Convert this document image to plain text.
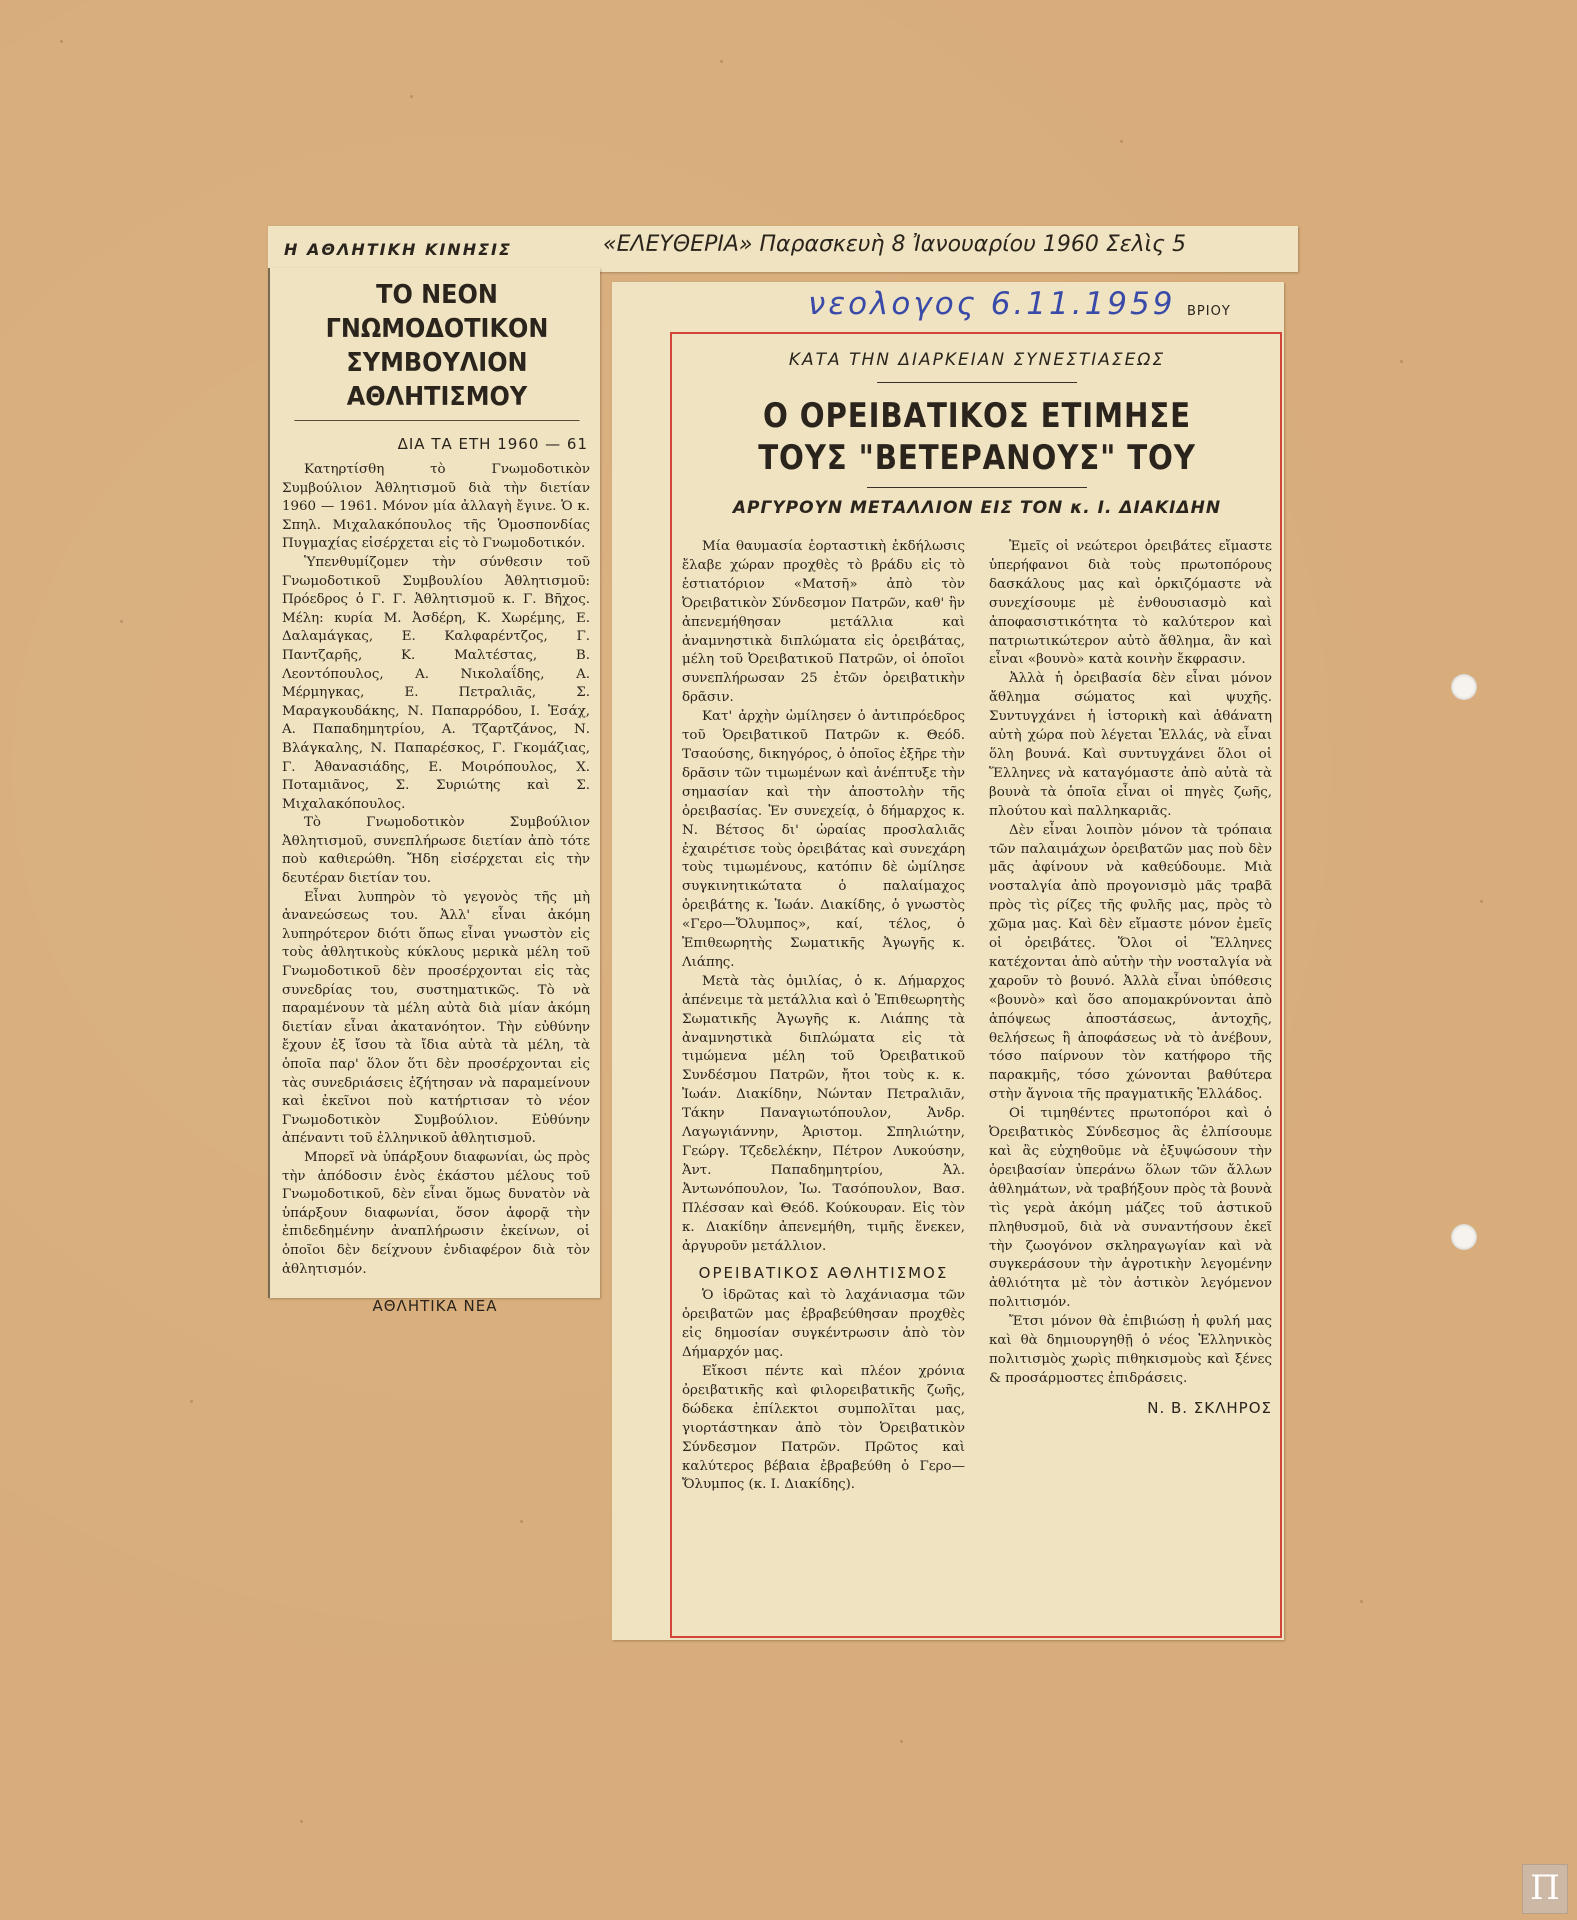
Η ΑΘΛΗΤΙΚΗ ΚΙΝΗΣΙΣ	«ΕΛΕΥΘΕΡΙΑ» Παρασκευὴ 8 Ἰανουαρίου 1960 Σελὶς 5
ΤΟ ΝΕΟΝ ΓΝΩΜΟΔΟΤΙΚΟΝ ΣΥΜΒΟΥΛΙΟΝ ΑΘΛΗΤΙΣΜΟΥ
ΔΙΑ ΤΑ ΕΤΗ 1960 — 61

Κατηρτίσθη τὸ Γνωμοδοτικὸν Συμβούλιον Ἀθλητισμοῦ διὰ τὴν διετίαν 1960 — 1961. Μόνον μία ἀλλαγὴ ἔγινε. Ὁ κ. Σπηλ. Μιχαλακόπουλος τῆς Ὁμοσπονδίας Πυγμαχίας εἰσέρχεται εἰς τὸ Γνωμοδοτικόν.

Ὑπενθυμίζομεν τὴν σύνθεσιν τοῦ Γνωμοδοτικοῦ Συμβουλίου Ἀθλητισμοῦ: Πρόεδρος ὁ Γ. Γ. Ἀθλητισμοῦ κ. Γ. Βῆχος. Μέλη: κυρία Μ. Ἀσδέρη, Κ. Χωρέμης, Ε. Δαλαμάγκας, Ε. Καλφαρέντζος, Γ. Παντζαρῆς, Κ. Μαλτέστας, Β. Λεοντόπουλος, Α. Νικολαΐδης, Α. Μέρμηγκας, Ε. Πετραλιᾶς, Σ. Μαραγκουδάκης, Ν. Παπαρρόδου, Ι. Ἐσάχ, Α. Παπαδημητρίου, Α. Τζαρτζάνος, Ν. Βλάγκαλης, Ν. Παπαρέσκος, Γ. Γκομάζιας, Γ. Ἀθανασιάδης, Ε. Μοιρόπουλος, Χ. Ποταμιᾶνος, Σ. Συριώτης καὶ Σ. Μιχαλακόπουλος.

Τὸ Γνωμοδοτικὸν Συμβούλιον Ἀθλητισμοῦ, συνεπλήρωσε διετίαν ἀπὸ τότε ποὺ καθιερώθη. Ἤδη εἰσέρχεται εἰς τὴν δευτέραν διετίαν του.

Εἶναι λυπηρὸν τὸ γεγονὸς τῆς μὴ ἀνανεώσεως του. Ἀλλ' εἶναι ἀκόμη λυπηρότερον διότι ὅπως εἶναι γνωστὸν εἰς τοὺς ἀθλητικοὺς κύκλους μερικὰ μέλη τοῦ Γνωμοδοτικοῦ δὲν προσέρχονται εἰς τὰς συνεδρίας του, συστηματικῶς. Τὸ νὰ παραμένουν τὰ μέλη αὐτὰ διὰ μίαν ἀκόμη διετίαν εἶναι ἀκατανόητον. Τὴν εὐθύνην ἔχουν ἐξ ἴσου τὰ ἴδια αὐτὰ τὰ μέλη, τὰ ὁποῖα παρ' ὅλον ὅτι δὲν προσέρχονται εἰς τὰς συνεδριάσεις ἐζήτησαν νὰ παραμείνουν καὶ ἐκεῖνοι ποὺ κατήρτισαν τὸ νέον Γνωμοδοτικὸν Συμβούλιον. Εὐθύνην ἀπέναντι τοῦ ἑλληνικοῦ ἀθλητισμοῦ.

Μπορεῖ νὰ ὑπάρξουν διαφωνίαι, ὡς πρὸς τὴν ἀπόδοσιν ἑνὸς ἑκάστου μέλους τοῦ Γνωμοδοτικοῦ, δὲν εἶναι ὅμως δυνατὸν νὰ ὑπάρξουν διαφωνίαι, ὅσον ἀφορᾷ τὴν ἐπιδεδημένην ἀναπλήρωσιν ἐκείνων, οἱ ὁποῖοι δὲν δείχνουν ἐνδιαφέρον διὰ τὸν ἀθλητισμόν.

ΑΘΛΗΤΙΚΑ ΝΕΑ
νεολογος 6.11.1959 ΒΡΙΟΥ
ΚΑΤΑ ΤΗΝ ΔΙΑΡΚΕΙΑΝ ΣΥΝΕΣΤΙΑΣΕΩΣ
Ο ΟΡΕΙΒΑΤΙΚΟΣ ΕΤΙΜΗΣΕ
ΤΟΥΣ "ΒΕΤΕΡΑΝΟΥΣ" ΤΟΥ
ΑΡΓΥΡΟΥΝ ΜΕΤΑΛΛΙΟΝ ΕΙΣ ΤΟΝ κ. Ι. ΔΙΑΚΙΔΗΝ

Μία θαυμασία ἑορταστικὴ ἐκδήλωσις ἔλαβε χώραν προχθὲς τὸ βράδυ εἰς τὸ ἑστιατόριον «Ματσῆ» ἀπὸ τὸν Ὀρειβατικὸν Σύνδεσμον Πατρῶν, καθ' ἣν ἀπενεμήθησαν μετάλλια καὶ ἀναμνηστικὰ διπλώματα εἰς ὀρειβάτας, μέλη τοῦ Ὀρειβατικοῦ Πατρῶν, οἱ ὁποῖοι συνεπλήρωσαν 25 ἐτῶν ὀρειβατικὴν δρᾶσιν.

Κατ' ἀρχὴν ὡμίλησεν ὁ ἀντιπρόεδρος τοῦ Ὀρειβατικοῦ Πατρῶν κ. Θεόδ. Τσαούσης, δικηγόρος, ὁ ὁποῖος ἐξῆρε τὴν δρᾶσιν τῶν τιμωμένων καὶ ἀνέπτυξε τὴν σημασίαν καὶ τὴν ἀποστολὴν τῆς ὀρειβασίας. Ἐν συνεχείᾳ, ὁ δήμαρχος κ. Ν. Βέτσος δι' ὡραίας προσλαλιᾶς ἐχαιρέτισε τοὺς ὀρειβάτας καὶ συνεχάρη τοὺς τιμωμένους, κατόπιν δὲ ὡμίλησε συγκινητικώτατα ὁ παλαίμαχος ὀρειβάτης κ. Ἰωάν. Διακίδης, ὁ γνωστὸς «Γερο—Ὄλυμπος», καί, τέλος, ὁ Ἐπιθεωρητὴς Σωματικῆς Ἀγωγῆς κ. Λιάπης.

Μετὰ τὰς ὁμιλίας, ὁ κ. Δήμαρχος ἀπένειμε τὰ μετάλλια καὶ ὁ Ἐπιθεωρητὴς Σωματικῆς Ἀγωγῆς κ. Λιάπης τὰ ἀναμνηστικὰ διπλώματα εἰς τὰ τιμώμενα μέλη τοῦ Ὀρειβατικοῦ Συνδέσμου Πατρῶν, ἤτοι τοὺς κ. κ. Ἰωάν. Διακίδην, Νώνταν Πετραλιᾶν, Τάκην Παναγιωτόπουλον, Ἀνδρ. Λαγωγιάννην, Ἀριστομ. Σπηλιώτην, Γεώργ. Τζεδελέκην, Πέτρον Λυκούσην, Ἀντ. Παπαδημητρίου, Ἀλ. Ἀντωνόπουλον, Ἰω. Τασόπουλον, Βασ. Πλέσσαν καὶ Θεόδ. Κούκουραν. Εἰς τὸν κ. Διακίδην ἀπενεμήθη, τιμῆς ἕνεκεν, ἀργυροῦν μετάλλιον.

ΟΡΕΙΒΑΤΙΚΟΣ ΑΘΛΗΤΙΣΜΟΣ

Ὁ ἱδρῶτας καὶ τὸ λαχάνιασμα τῶν ὀρειβατῶν μας ἐβραβεύθησαν προχθὲς εἰς δημοσίαν συγκέντρωσιν ἀπὸ τὸν Δήμαρχόν μας.

Εἴκοσι πέντε καὶ πλέον χρόνια ὀρειβατικῆς καὶ φιλορειβατικῆς ζωῆς, δώδεκα ἐπίλεκτοι συμπολῖται μας, γιορτάστηκαν ἀπὸ τὸν Ὀρειβατικὸν Σύνδεσμον Πατρῶν. Πρῶτος καὶ καλύτερος βέβαια ἐβραβεύθη ὁ Γερο—Ὄλυμπος (κ. Ι. Διακίδης).

Ἐμεῖς οἱ νεώτεροι ὀρειβάτες εἴμαστε ὑπερήφανοι διὰ τοὺς πρωτοπόρους δασκάλους μας καὶ ὁρκιζόμαστε νὰ συνεχίσουμε μὲ ἐνθουσιασμὸ καὶ ἀποφασιστικότητα τὸ καλύτερον καὶ πατριωτικώτερον αὐτὸ ἄθλημα, ἂν καὶ εἶναι «βουνὸ» κατὰ κοινὴν ἔκφρασιν.

Ἀλλὰ ἡ ὀρειβασία δὲν εἶναι μόνον ἄθλημα σώματος καὶ ψυχῆς. Συντυγχάνει ἡ ἱστορικὴ καὶ ἀθάνατη αὐτὴ χώρα ποὺ λέγεται Ἑλλάς, νὰ εἶναι ὅλη βουνά. Καὶ συντυγχάνει ὅλοι οἱ Ἕλληνες νὰ καταγόμαστε ἀπὸ αὐτὰ τὰ βουνὰ τὰ ὁποῖα εἶναι οἱ πηγὲς ζωῆς, πλούτου καὶ παλληκαριᾶς.

Δὲν εἶναι λοιπὸν μόνον τὰ τρόπαια τῶν παλαιμάχων ὀρειβατῶν μας ποὺ δὲν μᾶς ἀφίνουν νὰ καθεύδουμε. Μιὰ νοσταλγία ἀπὸ προγονισμὸ μᾶς τραβᾶ πρὸς τὶς ρίζες τῆς φυλῆς μας, πρὸς τὸ χῶμα μας. Καὶ δὲν εἴμαστε μόνον ἐμεῖς οἱ ὀρειβάτες. Ὅλοι οἱ Ἕλληνες κατέχονται ἀπὸ αὐτὴν τὴν νοσταλγία νὰ χαροῦν τὸ βουνό. Ἀλλὰ εἶναι ὑπόθεσις «βουνὸ» καὶ ὅσο απομακρύνονται ἀπὸ ἀπόψεως ἀποστάσεως, ἀντοχῆς, θελήσεως ἢ ἀποφάσεως νὰ τὸ ἀνέβουν, τόσο παίρνουν τὸν κατήφορο τῆς παρακμῆς, τόσο χώνονται βαθύτερα στὴν ἄγνοια τῆς πραγματικῆς Ἑλλάδος.

Οἱ τιμηθέντες πρωτοπόροι καὶ ὁ Ὀρειβατικὸς Σύνδεσμος ἂς ἐλπίσουμε καὶ ἂς εὐχηθοῦμε νὰ ἐξυψώσουν τὴν ὀρειβασίαν ὑπεράνω ὅλων τῶν ἄλλων ἀθλημάτων, νὰ τραβήξουν πρὸς τὰ βουνὰ τὶς γερὰ ἀκόμη μάζες τοῦ ἀστικοῦ πληθυσμοῦ, διὰ νὰ συναντήσουν ἐκεῖ τὴν ζωογόνον σκληραγωγίαν καὶ νὰ συγκεράσουν τὴν ἀγροτικὴν λεγομένην ἀθλιότητα μὲ τὸν ἀστικὸν λεγόμενον πολιτισμόν.

Ἔτσι μόνον θὰ ἐπιβιώσῃ ἡ φυλή μας καὶ θὰ δημιουργηθῇ ὁ νέος Ἑλληνικὸς πολιτισμὸς χωρὶς πιθηκισμοὺς καὶ ξένες & προσάρμοστες ἐπιδράσεις.

Ν. Β. ΣΚΛΗΡΟΣ

Π
